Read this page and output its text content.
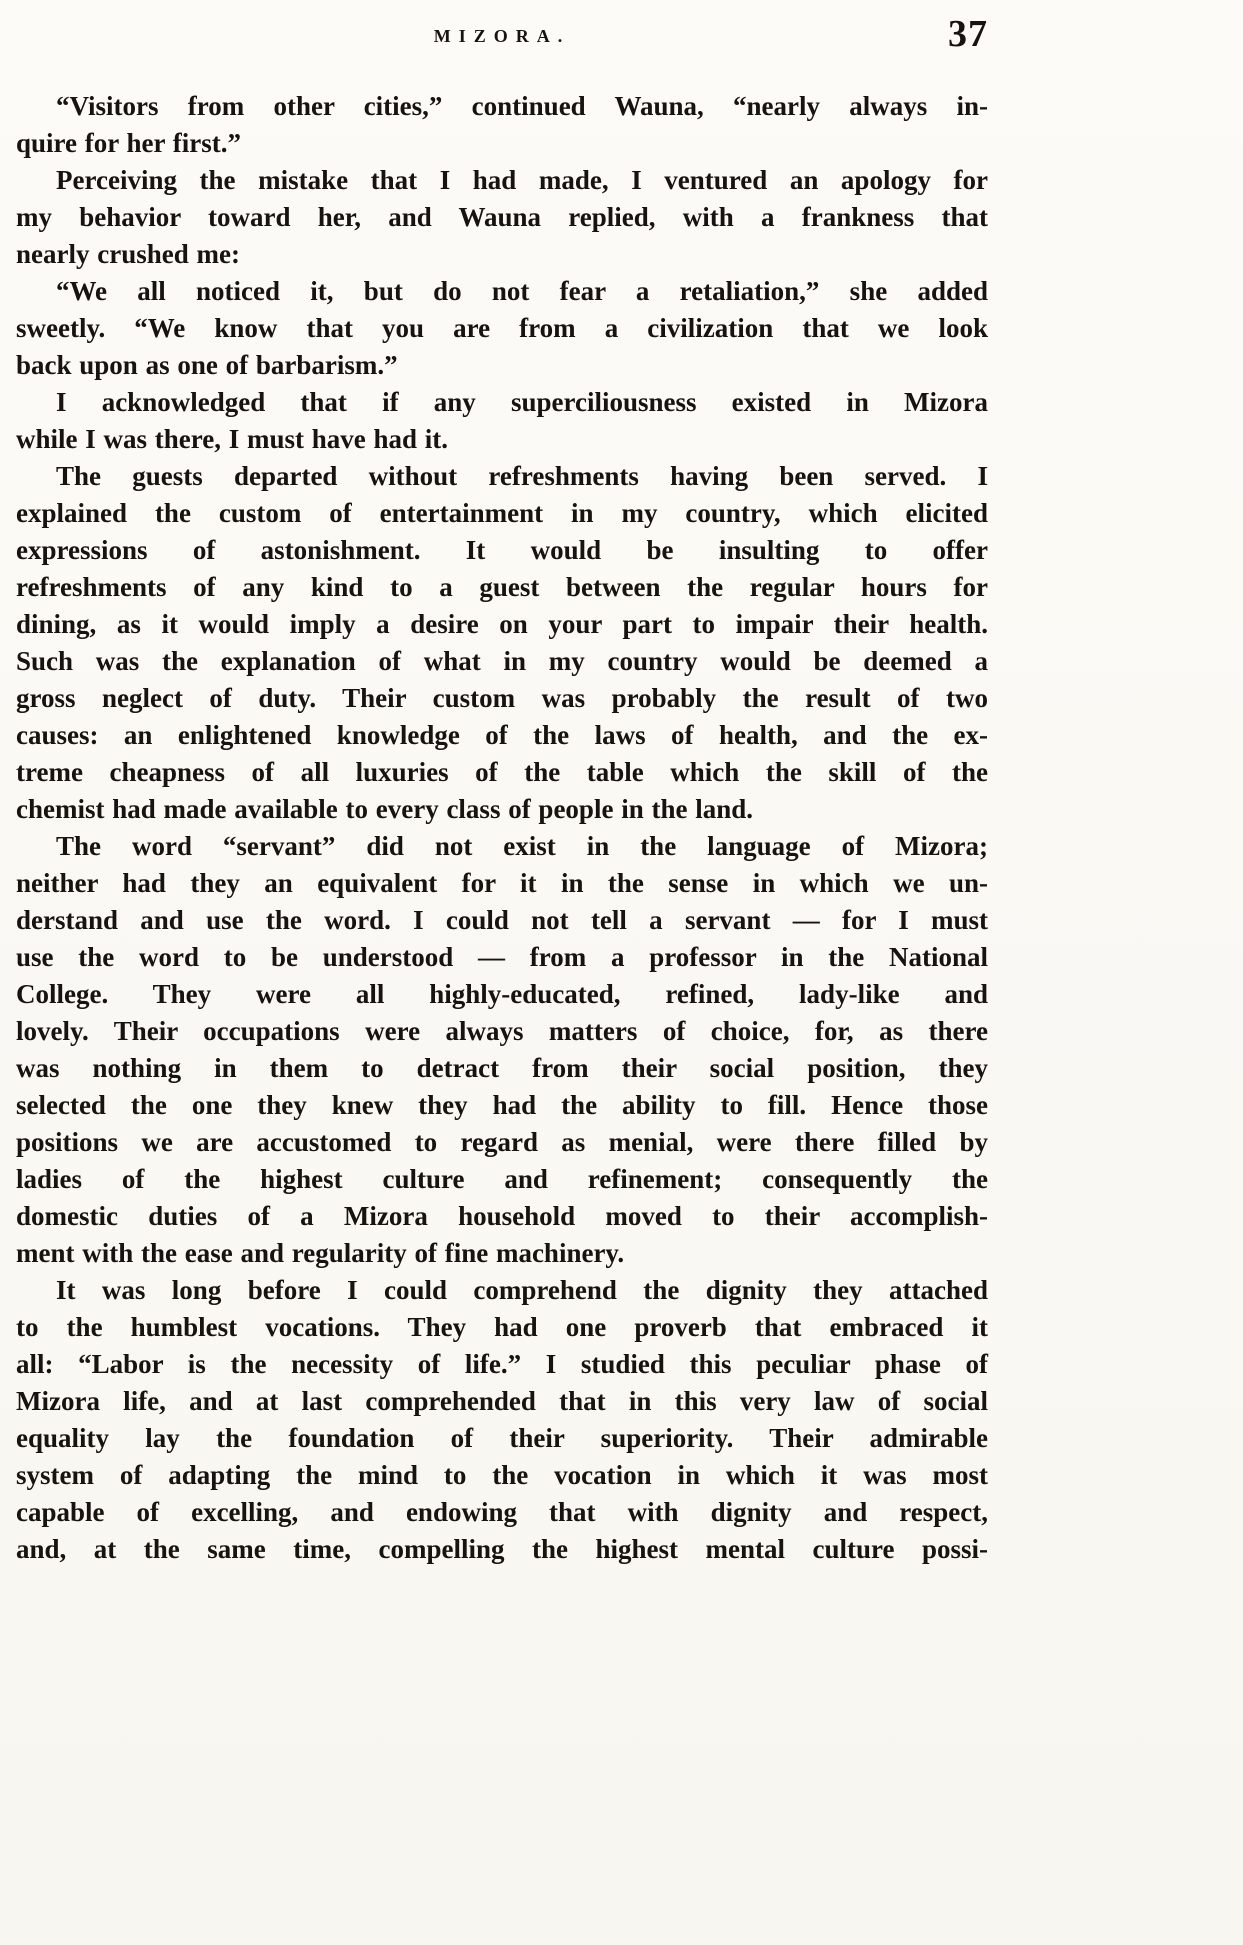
MIZORA.	37

“Visitors from other cities,” continued Wauna, “nearly always in-
quire for her first.”

Perceiving the mistake that I had made, I ventured an apology for
my behavior toward her, and Wauna replied, with a frankness that
nearly crushed me:

“We all noticed it, but do not fear a retaliation,” she added
sweetly. “We know that you are from a civilization that we look
back upon as one of barbarism.”

I acknowledged that if any superciliousness existed in Mizora
while I was there, I must have had it.

The guests departed without refreshments having been served. I
explained the custom of entertainment in my country, which elicited
expressions of astonishment. It would be insulting to offer
refreshments of any kind to a guest between the regular hours for
dining, as it would imply a desire on your part to impair their health.
Such was the explanation of what in my country would be deemed a
gross neglect of duty. Their custom was probably the result of two
causes: an enlightened knowledge of the laws of health, and the ex-
treme cheapness of all luxuries of the table which the skill of the
chemist had made available to every class of people in the land.

The word “servant” did not exist in the language of Mizora;
neither had they an equivalent for it in the sense in which we un-
derstand and use the word. I could not tell a servant — for I must
use the word to be understood — from a professor in the National
College. They were all highly-educated, refined, lady-like and
lovely. Their occupations were always matters of choice, for, as there
was nothing in them to detract from their social position, they
selected the one they knew they had the ability to fill. Hence those
positions we are accustomed to regard as menial, were there filled by
ladies of the highest culture and refinement; consequently the
domestic duties of a Mizora household moved to their accomplish-
ment with the ease and regularity of fine machinery.

It was long before I could comprehend the dignity they attached
to the humblest vocations. They had one proverb that embraced it
all: “Labor is the necessity of life.” I studied this peculiar phase of
Mizora life, and at last comprehended that in this very law of social
equality lay the foundation of their superiority. Their admirable
system of adapting the mind to the vocation in which it was most
capable of excelling, and endowing that with dignity and respect,
and, at the same time, compelling the highest mental culture possi-
